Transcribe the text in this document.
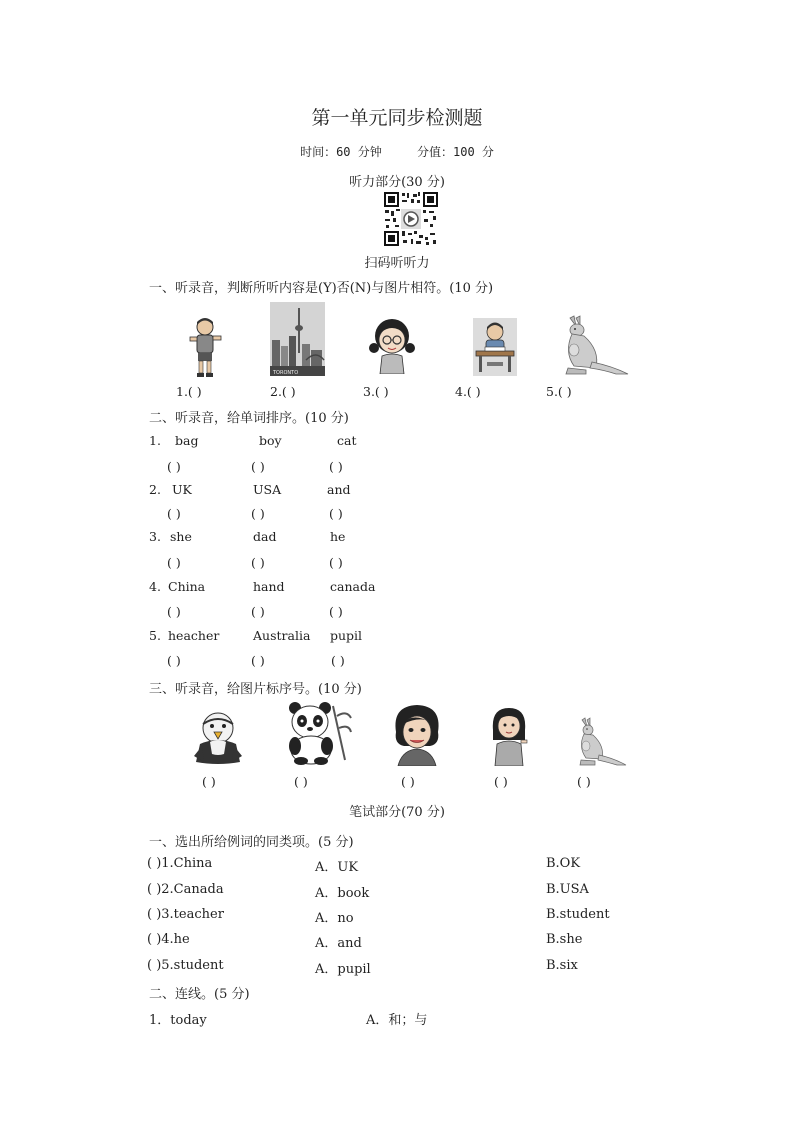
第一单元同步检测题
时间：60 分钟	分值：100 分
听力部分(30 分)
扫码听听力
一、听录音，判断所听内容是(Y)否(N)与图片相符。(10 分)
TORONTO
1.( )	2.( )	3.( )	4.( )	5.( )
二、听录音，给单词排序。(10 分)
1. bag	boy	cat
( )	( )	( )
2. UK	USA	and
( )	( )	( )
3. she	dad	he
( )	( )	( )
4. China	hand	canada
( )	( )	( )
5. heacher	Australia pupil
( )	( )	( )
三、听录音，给图片标序号。(10 分)
( )	( )	( )	( )	( )
笔试部分(70 分)
一、选出所给例词的同类项。(5 分)
( )1.China	A．UK	B.OK
( )2.Canada	A．book	B.USA
( )3.teacher	A．no	B.student
( )4.he	A．and	B.she
( )5.student	A．pupil	B.six
二、连线。(5 分)
1．today	A．和；与
